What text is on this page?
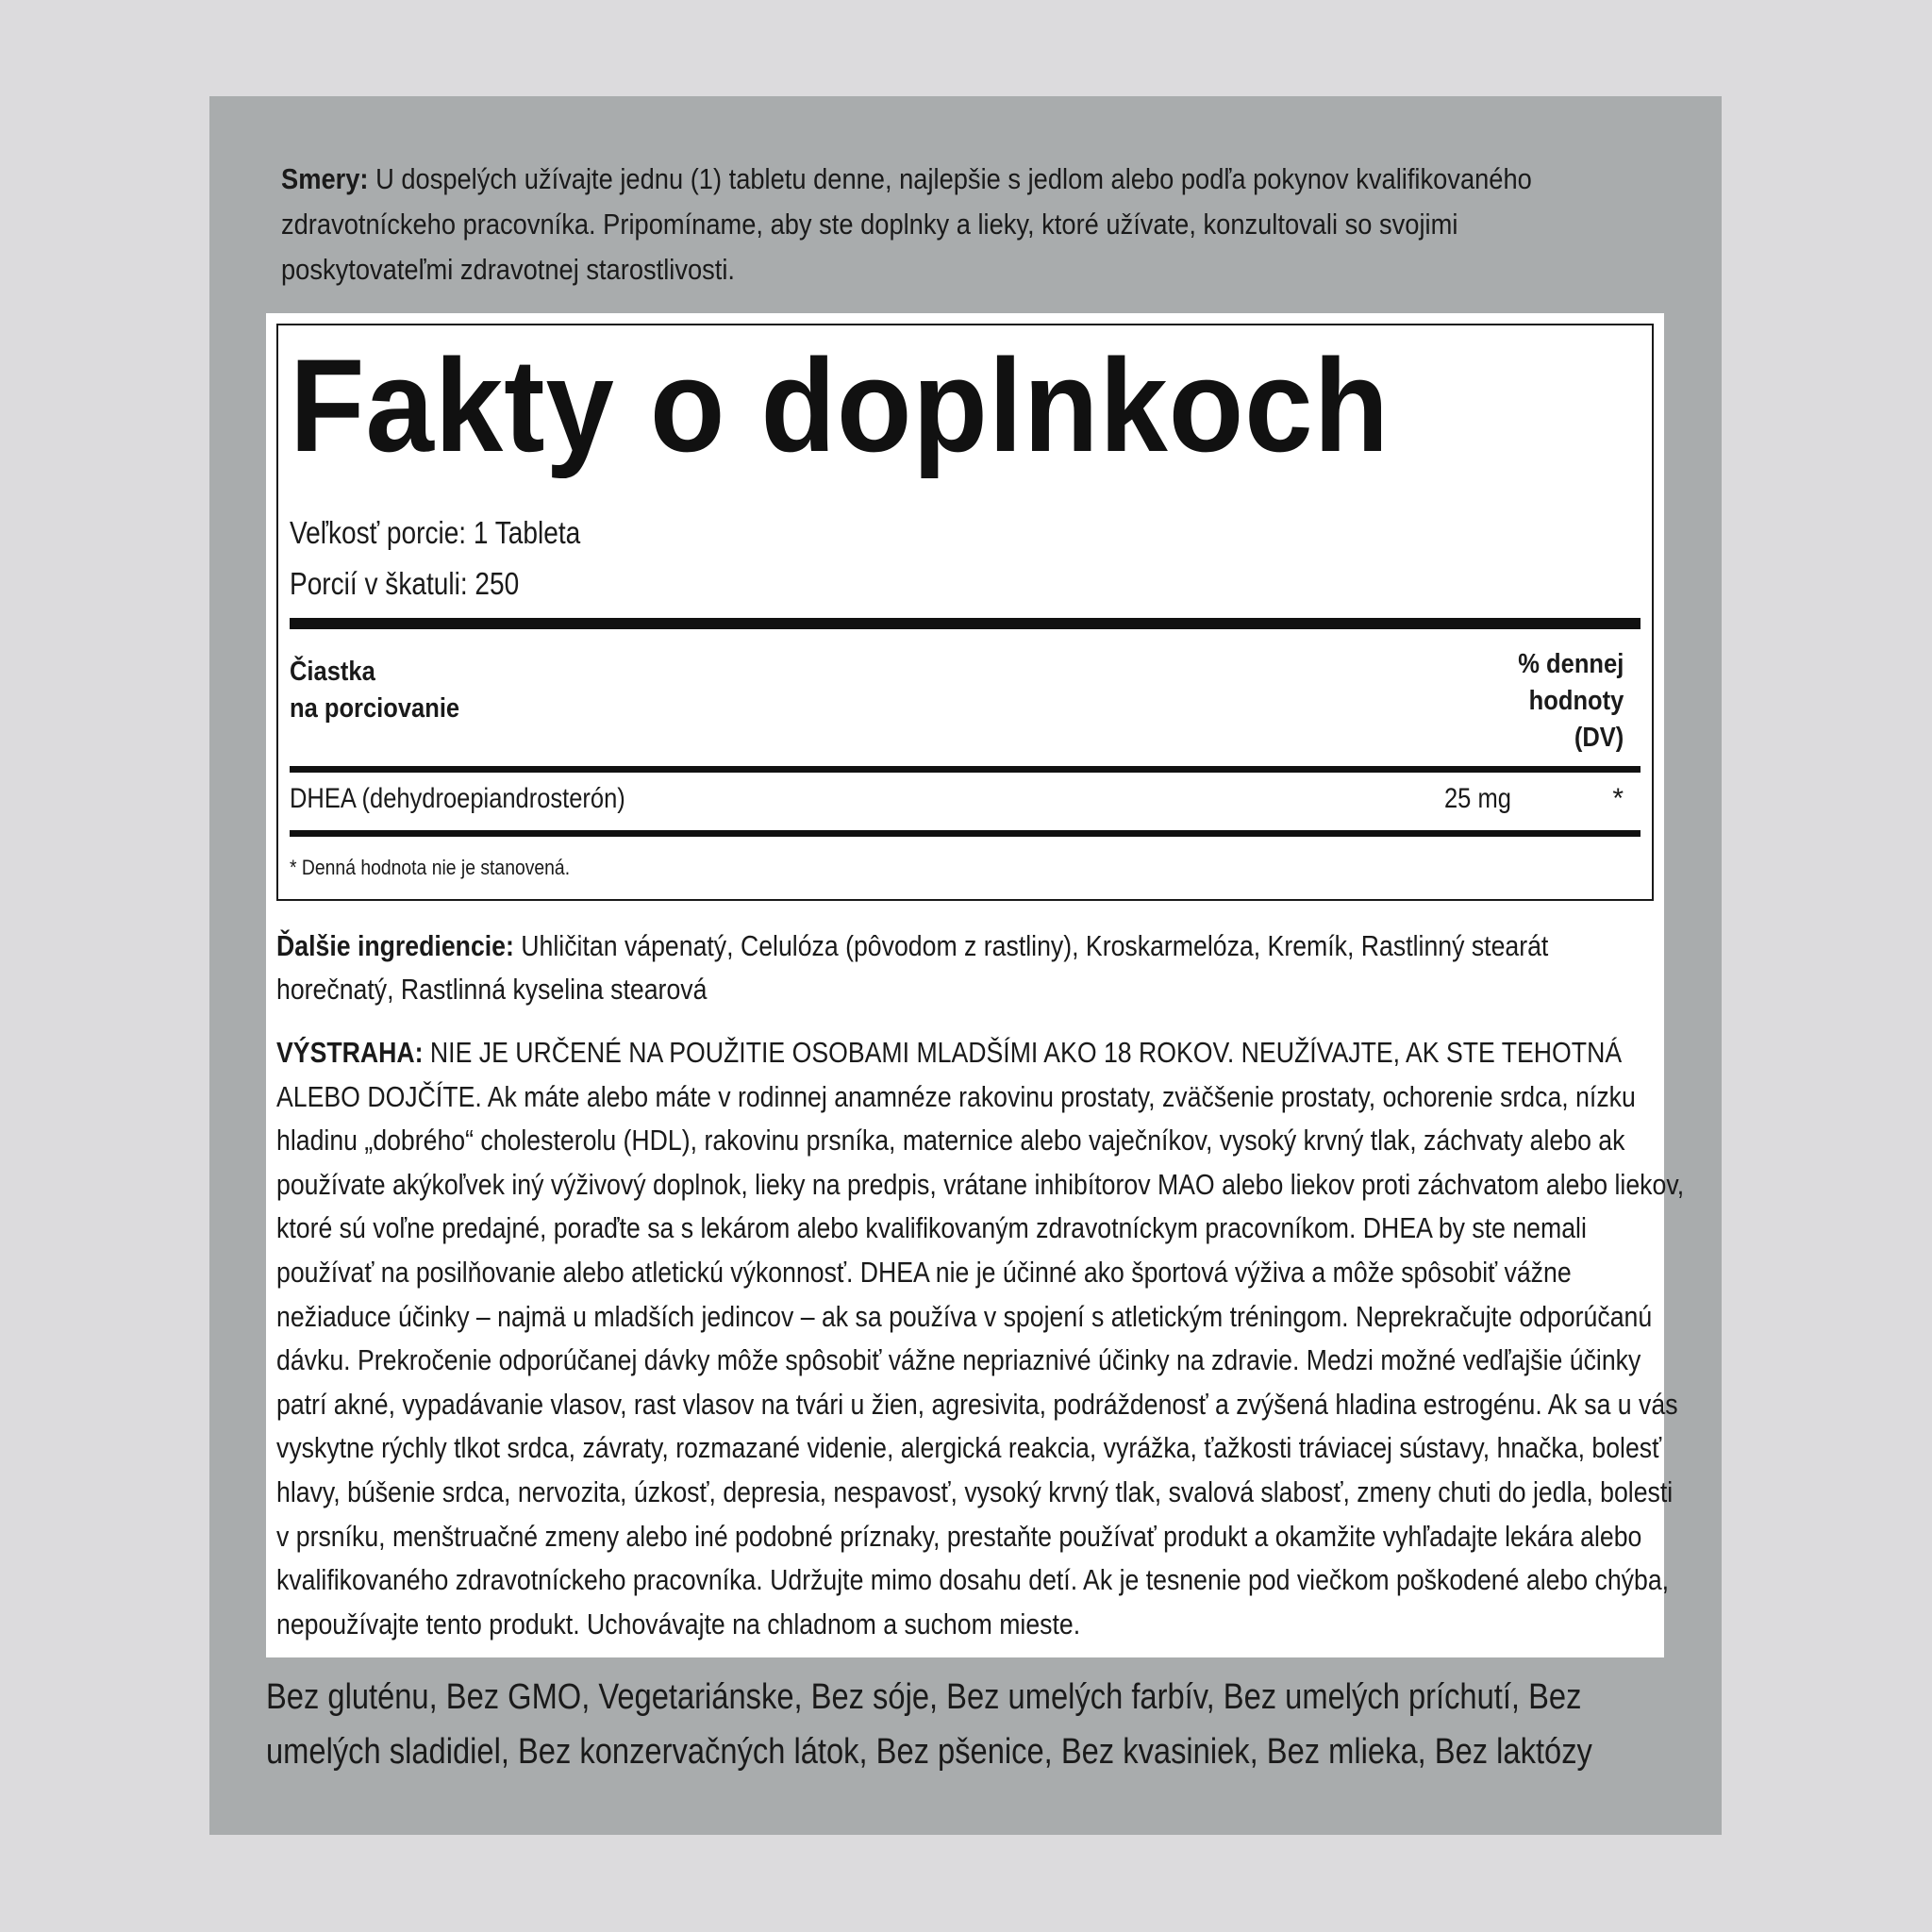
Smery: U dospelých užívajte jednu (1) tabletu denne, najlepšie s jedlom alebo podľa pokynov kvalifikovaného zdravotníckeho pracovníka. Pripomíname, aby ste doplnky a lieky, ktoré užívate, konzultovali so svojimi poskytovateľmi zdravotnej starostlivosti.
Fakty o doplnkoch
Veľkosť porcie: 1 Tableta
Porcií v škatuli: 250
Čiastka
na porciovanie
% dennej
hodnoty
(DV)
DHEA (dehydroepiandrosterón)	25 mg	*
* Denná hodnota nie je stanovená.
Ďalšie ingrediencie: Uhličitan vápenatý, Celulóza (pôvodom z rastliny), Kroskarmelóza, Kremík, Rastlinný stearát horečnatý, Rastlinná kyselina stearová
VÝSTRAHA: NIE JE URČENÉ NA POUŽITIE OSOBAMI MLADŠÍMI AKO 18 ROKOV. NEUŽÍVAJTE, AK STE TEHOTNÁ ALEBO DOJČÍTE. Ak máte alebo máte v rodinnej anamnéze rakovinu prostaty, zväčšenie prostaty, ochorenie srdca, nízku hladinu „dobrého“ cholesterolu (HDL), rakovinu prsníka, maternice alebo vaječníkov, vysoký krvný tlak, záchvaty alebo ak používate akýkoľvek iný výživový doplnok, lieky na predpis, vrátane inhibítorov MAO alebo liekov proti záchvatom alebo liekov, ktoré sú voľne predajné, poraďte sa s lekárom alebo kvalifikovaným zdravotníckym pracovníkom. DHEA by ste nemali používať na posilňovanie alebo atletickú výkonnosť. DHEA nie je účinné ako športová výživa a môže spôsobiť vážne nežiaduce účinky – najmä u mladších jedincov – ak sa používa v spojení s atletickým tréningom. Neprekračujte odporúčanú dávku. Prekročenie odporúčanej dávky môže spôsobiť vážne nepriaznivé účinky na zdravie. Medzi možné vedľajšie účinky patrí akné, vypadávanie vlasov, rast vlasov na tvári u žien, agresivita, podráždenosť a zvýšená hladina estrogénu. Ak sa u vás vyskytne rýchly tlkot srdca, závraty, rozmazané videnie, alergická reakcia, vyrážka, ťažkosti tráviacej sústavy, hnačka, bolesť hlavy, búšenie srdca, nervozita, úzkosť, depresia, nespavosť, vysoký krvný tlak, svalová slabosť, zmeny chuti do jedla, bolesti v prsníku, menštruačné zmeny alebo iné podobné príznaky, prestaňte používať produkt a okamžite vyhľadajte lekára alebo kvalifikovaného zdravotníckeho pracovníka. Udržujte mimo dosahu detí. Ak je tesnenie pod viečkom poškodené alebo chýba, nepoužívajte tento produkt. Uchovávajte na chladnom a suchom mieste.
Bez gluténu, Bez GMO, Vegetariánske, Bez sóje, Bez umelých farbív, Bez umelých príchutí, Bez umelých sladidiel, Bez konzervačných látok, Bez pšenice, Bez kvasiniek, Bez mlieka, Bez laktózy
